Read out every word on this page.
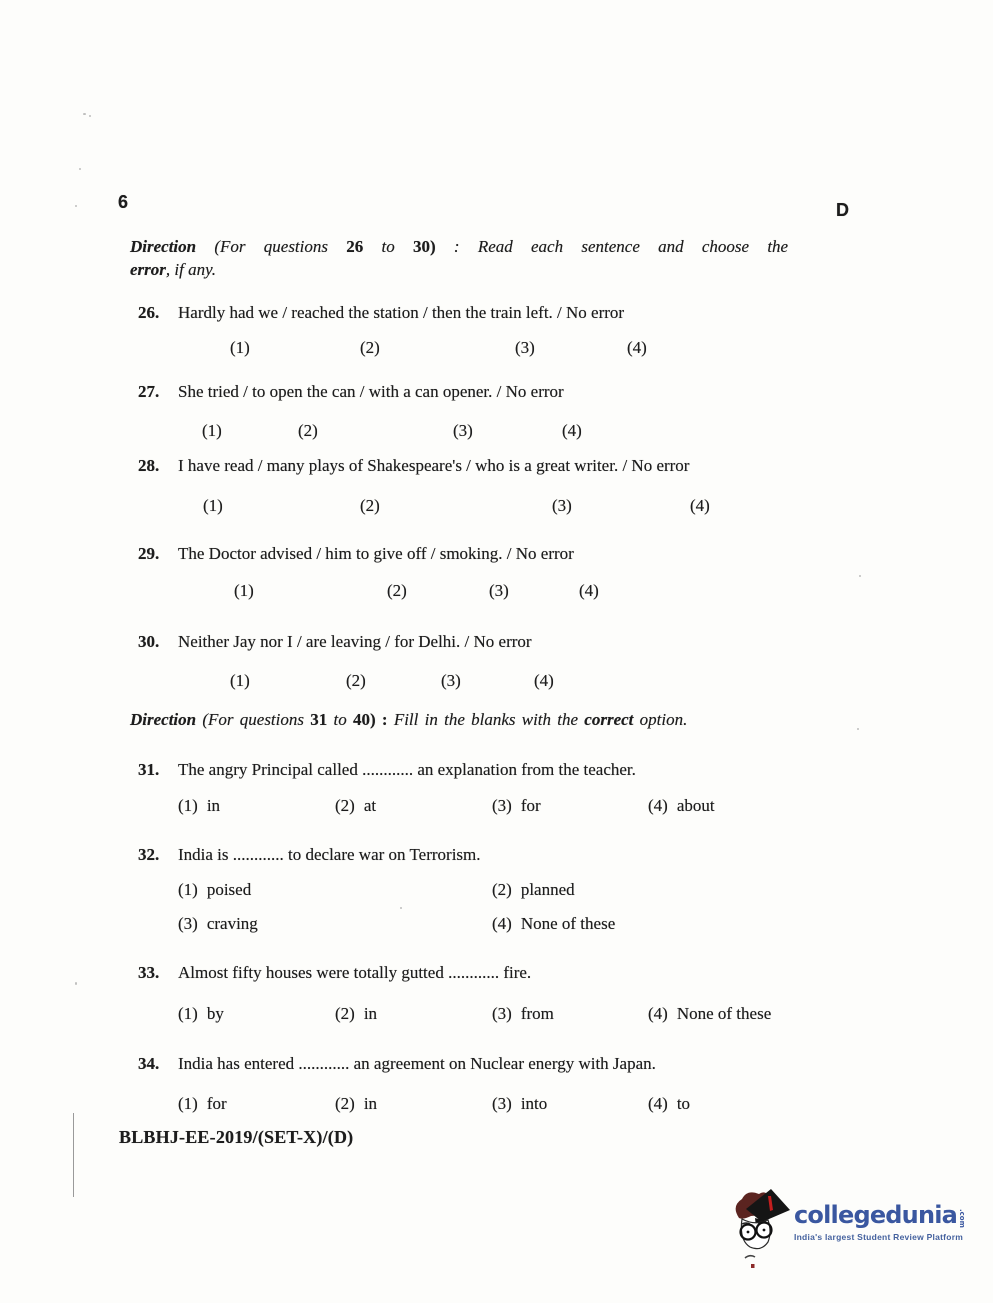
6	D
Direction (For questions 26 to 30) : Read each sentence and choose the
error, if any.
26. Hardly had we / reached the station / then the train left. / No error
(1)	(2)	(3)	(4)
27. She tried / to open the can / with a can opener. / No error
(1)	(2)	(3)	(4)
28. I have read / many plays of Shakespeare's / who is a great writer. / No error
(1)	(2)	(3)	(4)
29. The Doctor advised / him to give off / smoking. / No error
(1)	(2)	(3)	(4)
30. Neither Jay nor I / are leaving / for Delhi. / No error
(1)	(2)	(3)	(4)
Direction (For questions 31 to 40) : Fill in the blanks with the correct option.
31. The angry Principal called ............ an explanation from the teacher.
(1) in	(2) at	(3) for	(4) about
32. India is ............ to declare war on Terrorism.
(1) poised	(2) planned
(3) craving	(4) None of these
33. Almost fifty houses were totally gutted ............ fire.
(1) by	(2) in	(3) from	(4) None of these
34. India has entered ............ an agreement on Nuclear energy with Japan.
(1) for	(2) in	(3) into	(4) to
BLBHJ-EE-2019/(SET-X)/(D)
collegedunia .com
India's largest Student Review Platform
